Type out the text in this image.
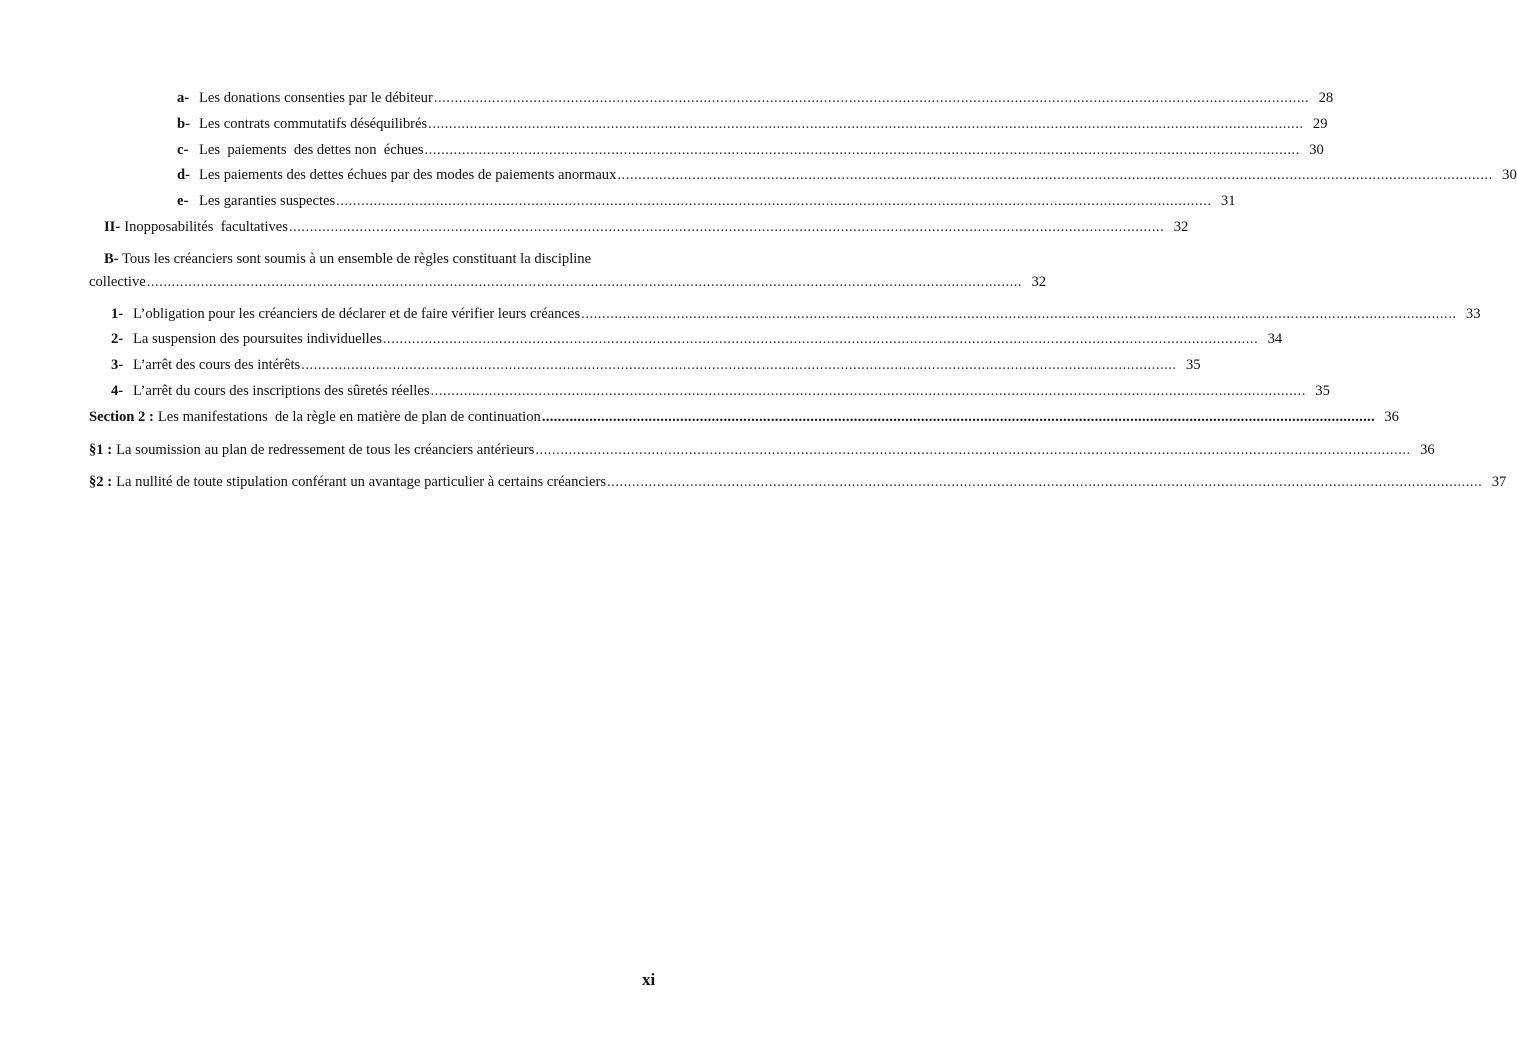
a- Les donations consenties par le débiteur .....	28
b- Les contrats commutatifs déséquilibrés .....	29
c- Les  paiements  des dettes non  échues .....	30
d- Les paiements des dettes échues par des modes de paiements anormaux .....	30
e- Les garanties suspectes .....	31
II- Inopposabilités  facultatives .....	32
B- Tous les créanciers sont soumis à un ensemble de règles constituant la discipline
collective .....	32
1- L’obligation pour les créanciers de déclarer et de faire vérifier leurs créances .....	33
2- La suspension des poursuites individuelles .....	34
3- L’arrêt des cours des intérêts .....	35
4- L’arrêt du cours des inscriptions des sûretés réelles .....	35
Section 2 : Les manifestations  de la règle en matière de plan de continuation .....	36
§1 : La soumission au plan de redressement de tous les créanciers antérieurs .....	36
§2 : La nullité de toute stipulation conférant un avantage particulier à certains créanciers .....	37
xi
